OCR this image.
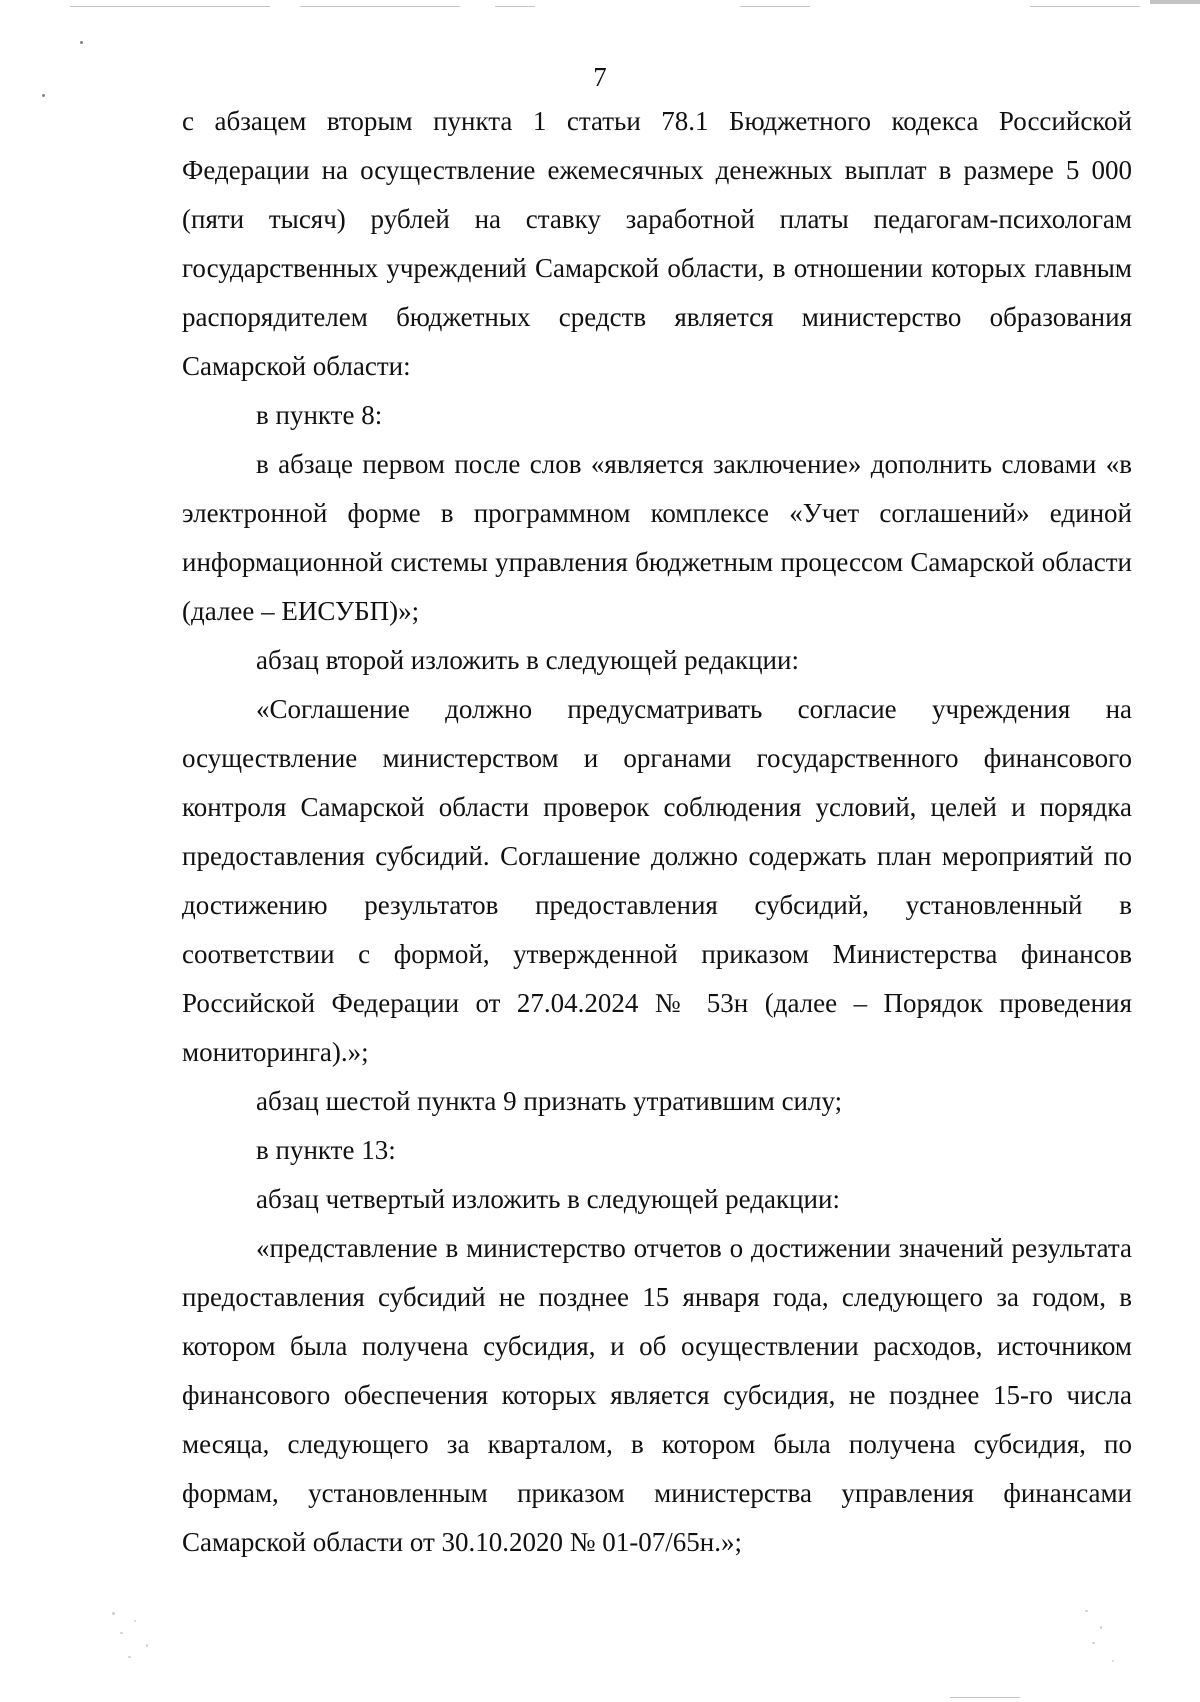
7

с абзацем вторым пункта 1 статьи 78.1 Бюджетного кодекса Российской Федерации на осуществление ежемесячных денежных выплат в размере 5 000 (пяти тысяч) рублей на ставку заработной платы педагогам-психологам государственных учреждений Самарской области, в отношении которых главным распорядителем бюджетных средств является министерство образования Самарской области:

в пункте 8:

в абзаце первом после слов «является заключение» дополнить словами «в электронной форме в программном комплексе «Учет соглашений» единой информационной системы управления бюджетным процессом Самарской области (далее – ЕИСУБП)»;

абзац второй изложить в следующей редакции:

«Соглашение должно предусматривать согласие учреждения на осуществление министерством и органами государственного финансового контроля Самарской области проверок соблюдения условий, целей и порядка предоставления субсидий. Соглашение должно содержать план мероприятий по достижению результатов предоставления субсидий, установленный в соответствии с формой, утвержденной приказом Министерства финансов Российской Федерации от 27.04.2024 № 53н (далее – Порядок проведения мониторинга).»;

абзац шестой пункта 9 признать утратившим силу;

в пункте 13:

абзац четвертый изложить в следующей редакции:

«представление в министерство отчетов о достижении значений результата предоставления субсидий не позднее 15 января года, следующего за годом, в котором была получена субсидия, и об осуществлении расходов, источником финансового обеспечения которых является субсидия, не позднее 15-го числа месяца, следующего за кварталом, в котором была получена субсидия, по формам, установленным приказом министерства управления финансами Самарской области от 30.10.2020 № 01-07/65н.»;
